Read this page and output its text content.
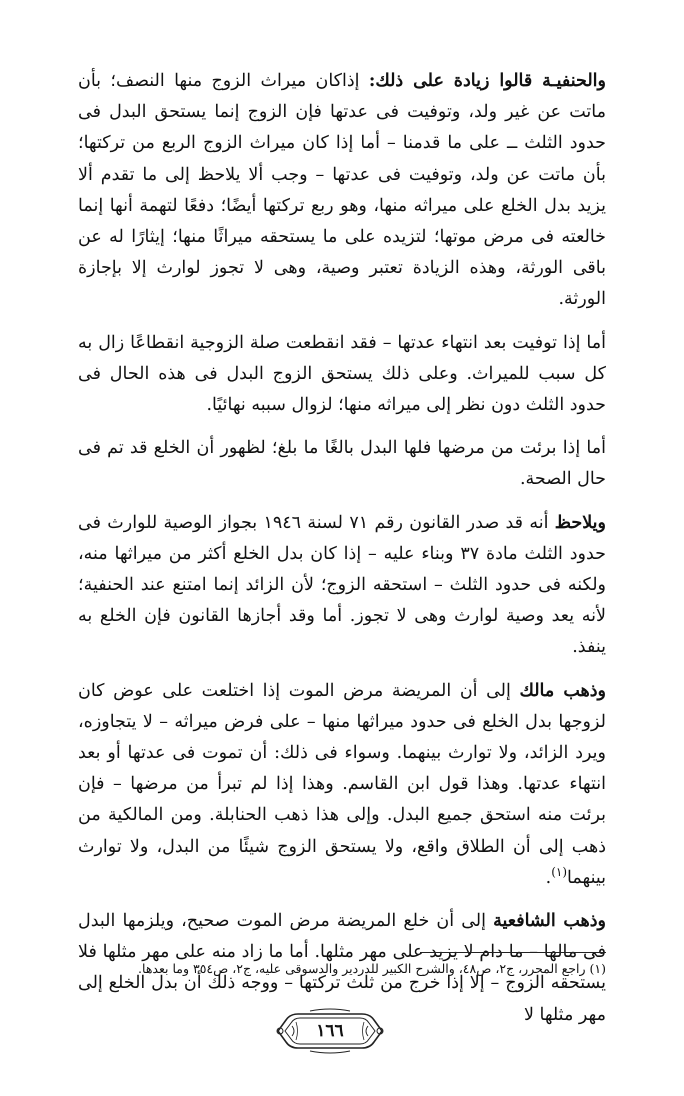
والحنفيـة قالوا زيادة على ذلك: إذاكان ميراث الزوج منها النصف؛ بأن ماتت عن غير ولد، وتوفيت فى عدتها فإن الزوج إنما يستحق البدل فى حدود الثلث ــ على ما قدمنا – أما إذا كان ميراث الزوج الربع من تركتها؛ بأن ماتت عن ولد، وتوفيت فى عدتها – وجب ألا يلاحظ إلى ما تقدم ألا يزيد بدل الخلع على ميراثه منها، وهو ربع تركتها أيضًا؛ دفعًا لتهمة أنها إنما خالعته فى مرض موتها؛ لتزيده على ما يستحقه ميراثًا منها؛ إيثارًا له عن باقى الورثة، وهذه الزيادة تعتبر وصية، وهى لا تجوز لوارث إلا بإجازة الورثة.

أما إذا توفيت بعد انتهاء عدتها – فقد انقطعت صلة الزوجية انقطاعًا زال به كل سبب للميراث. وعلى ذلك يستحق الزوج البدل فى هذه الحال فى حدود الثلث دون نظر إلى ميراثه منها؛ لزوال سببه نهائيًا.

أما إذا برئت من مرضها فلها البدل بالغًا ما بلغ؛ لظهور أن الخلع قد تم فى حال الصحة.

ويلاحظ أنه قد صدر القانون رقم ٧١ لسنة ١٩٤٦ بجواز الوصية للوارث فى حدود الثلث مادة ٣٧ وبناء عليه – إذا كان بدل الخلع أكثر من ميراثها منه، ولكنه فى حدود الثلث – استحقه الزوج؛ لأن الزائد إنما امتنع عند الحنفية؛ لأنه يعد وصية لوارث وهى لا تجوز. أما وقد أجازها القانون فإن الخلع به ينفذ.

وذهب مالك إلى أن المريضة مرض الموت إذا اختلعت على عوض كان لزوجها بدل الخلع فى حدود ميراثها منها – على فرض ميراثه – لا يتجاوزه، ويرد الزائد، ولا توارث بينهما. وسواء فى ذلك: أن تموت فى عدتها أو بعد انتهاء عدتها. وهذا قول ابن القاسم. وهذا إذا لم تبرأ من مرضها – فإن برئت منه استحق جميع البدل. وإلى هذا ذهب الحنابلة. ومن المالكية من ذهب إلى أن الطلاق واقع، ولا يستحق الزوج شيئًا من البدل، ولا توارث بينهما$^{(١)}$.

وذهب الشافعية إلى أن خلع المريضة مرض الموت صحيح، ويلزمها البدل فى مالها – ما دام لا يزيد على مهر مثلها. أما ما زاد منه على مهر مثلها فلا يستحقه الزوج – إلا إذا خرج من ثلث تركتها – ووجه ذلك أن بدل الخلع إلى مهر مثلها لا

(١) راجع المحرر، ج٢، ص٤٨، والشرح الكبير للدردير والدسوقى عليه، ج٢، ص٣٥٤ وما بعدها.
١٦٦
